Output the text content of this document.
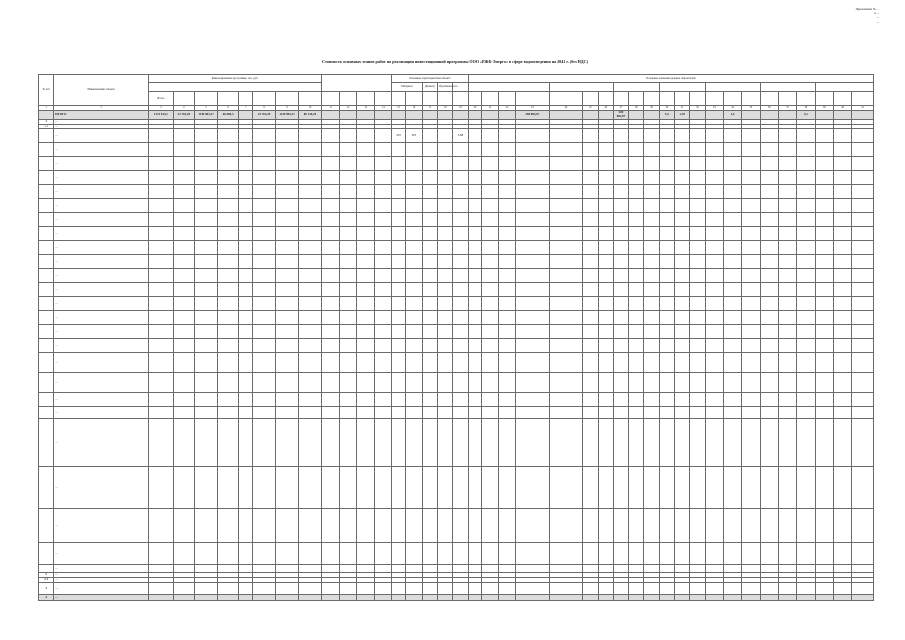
Приложение № ...
к ...
...
...
Стоимость основных этапов работ по реализации инвестиционной программы ООО «РЖК-Энерго» в сфере водоотведения на 2041 г. (без НДС)
№ п/п	Наименование объекта	Финансирование программы, тыс. руб.												Основные характеристики объекта					Плановые значения целевых показателей																					
														Материал		Диаметр	Протяженность																							
		Всего																																						
1	2	3	4	5	6	7	8	9	10	11	12	13	14	15	16	17	18	19	20	21	22	23	24	25	26	27	28	29	30	31	32	33	34	35	36	37	38	39	40	41
	ИТОГО	1274 814,1	22 763,20	1149 903,27	66 060,3		22 763,20	1149 903,27	86 144,20													298 883,07				209 882,07			5,5	1,78			1,5				5,1			
1	...																																							
1.1	...																																							
	...													455	ПЭ			5,68																						
	...																																							
	...																																							
	...																																							
	...																																							
	...																																							
	...																																							
	...																																							
	...																																							
	...																																							
	...																																							
	...																																							
	...																																							
	...																																							
	...																																							
	...																																							
	...																																							
	...																																							
	...																																							
	...																																							
	...																																							
	...																																							
	...																																							
	...																																							
	...																																							
2	...																																							
2.1	...																																							
3	...																																							
4	...																																							
